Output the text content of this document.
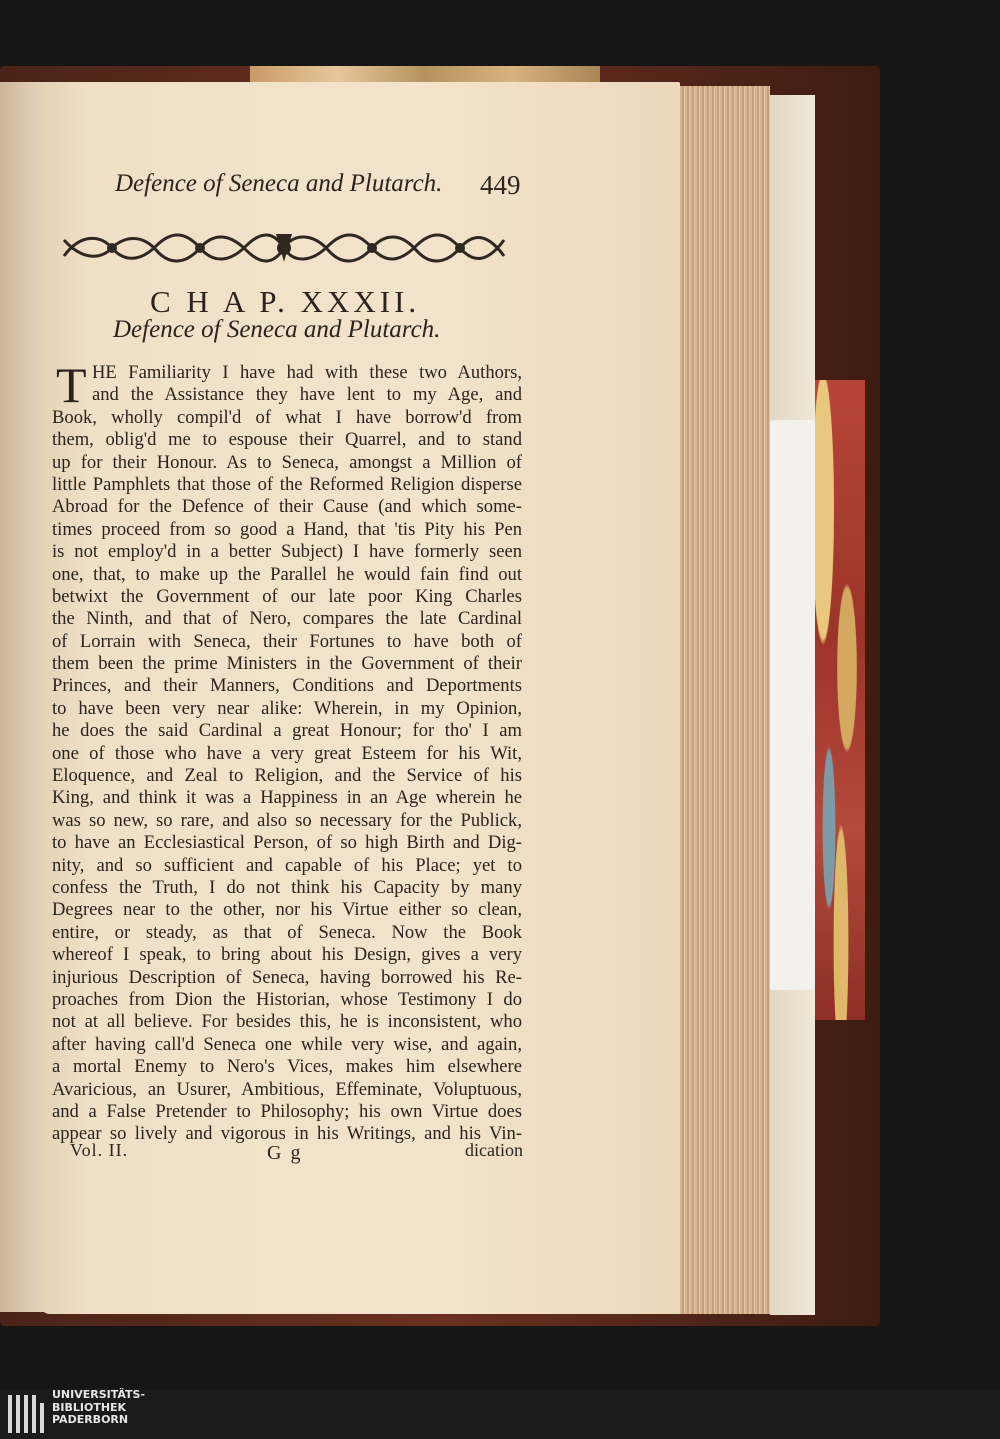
Defence of Seneca and Plutarch. 449
C H A P. XXXII.
Defence of Seneca and Plutarch.
T HE Familiarity I have had with these two Authors,
and the Assistance they have lent to my Age, and
Book, wholly compil'd of what I have borrow'd from
them, oblig'd me to espouse their Quarrel, and to stand
up for their Honour. As to Seneca, amongst a Million of
little Pamphlets that those of the Reformed Religion disperse
Abroad for the Defence of their Cause (and which some-
times proceed from so good a Hand, that 'tis Pity his Pen
is not employ'd in a better Subject) I have formerly seen
one, that, to make up the Parallel he would fain find out
betwixt the Government of our late poor King Charles
the Ninth, and that of Nero, compares the late Cardinal
of Lorrain with Seneca, their Fortunes to have both of
them been the prime Ministers in the Government of their
Princes, and their Manners, Conditions and Deportments
to have been very near alike: Wherein, in my Opinion,
he does the said Cardinal a great Honour; for tho' I am
one of those who have a very great Esteem for his Wit,
Eloquence, and Zeal to Religion, and the Service of his
King, and think it was a Happiness in an Age wherein he
was so new, so rare, and also so necessary for the Publick,
to have an Ecclesiastical Person, of so high Birth and Dig-
nity, and so sufficient and capable of his Place; yet to
confess the Truth, I do not think his Capacity by many
Degrees near to the other, nor his Virtue either so clean,
entire, or steady, as that of Seneca. Now the Book
whereof I speak, to bring about his Design, gives a very
injurious Description of Seneca, having borrowed his Re-
proaches from Dion the Historian, whose Testimony I do
not at all believe. For besides this, he is inconsistent, who
after having call'd Seneca one while very wise, and again,
a mortal Enemy to Nero's Vices, makes him elsewhere
Avaricious, an Usurer, Ambitious, Effeminate, Voluptuous,
and a False Pretender to Philosophy; his own Virtue does
appear so lively and vigorous in his Writings, and his Vin-
Vol. II.	G g	dication
UNIVERSITÄTS-
BIBLIOTHEK
PADERBORN
